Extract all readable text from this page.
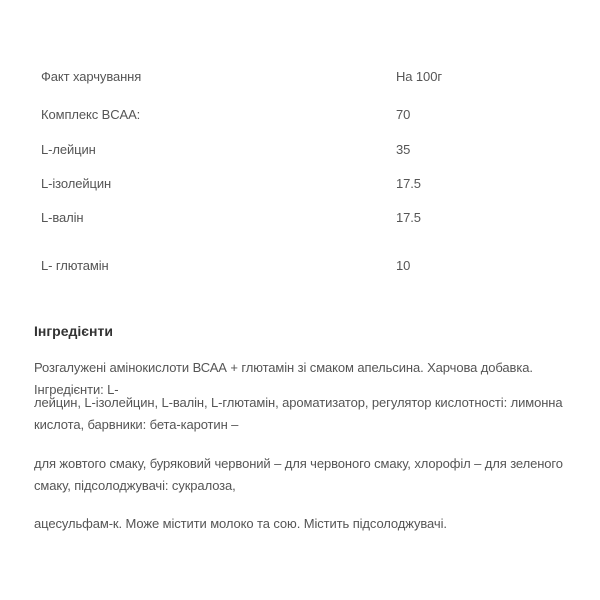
Факт харчування	На 100г
Комплекс BCAA:	70
L-лейцин	35
L-ізолейцин	17.5
L-валін	17.5
L- глютамін	10
Інгредієнти
Розгалужені амінокислоти ВСАА + глютамін зі смаком апельсина. Харчова добавка. Інгредієнти: L-
лейцин, L-ізолейцин, L-валін, L-глютамін, ароматизатор, регулятор кислотності: лимонна кислота, барвники: бета-каротин –
для жовтого смаку, буряковий червоний – для червоного смаку, хлорофіл – для зеленого смаку, підсолоджувачі: сукралоза,
ацесульфам-к. Може містити молоко та сою. Містить підсолоджувачі.
